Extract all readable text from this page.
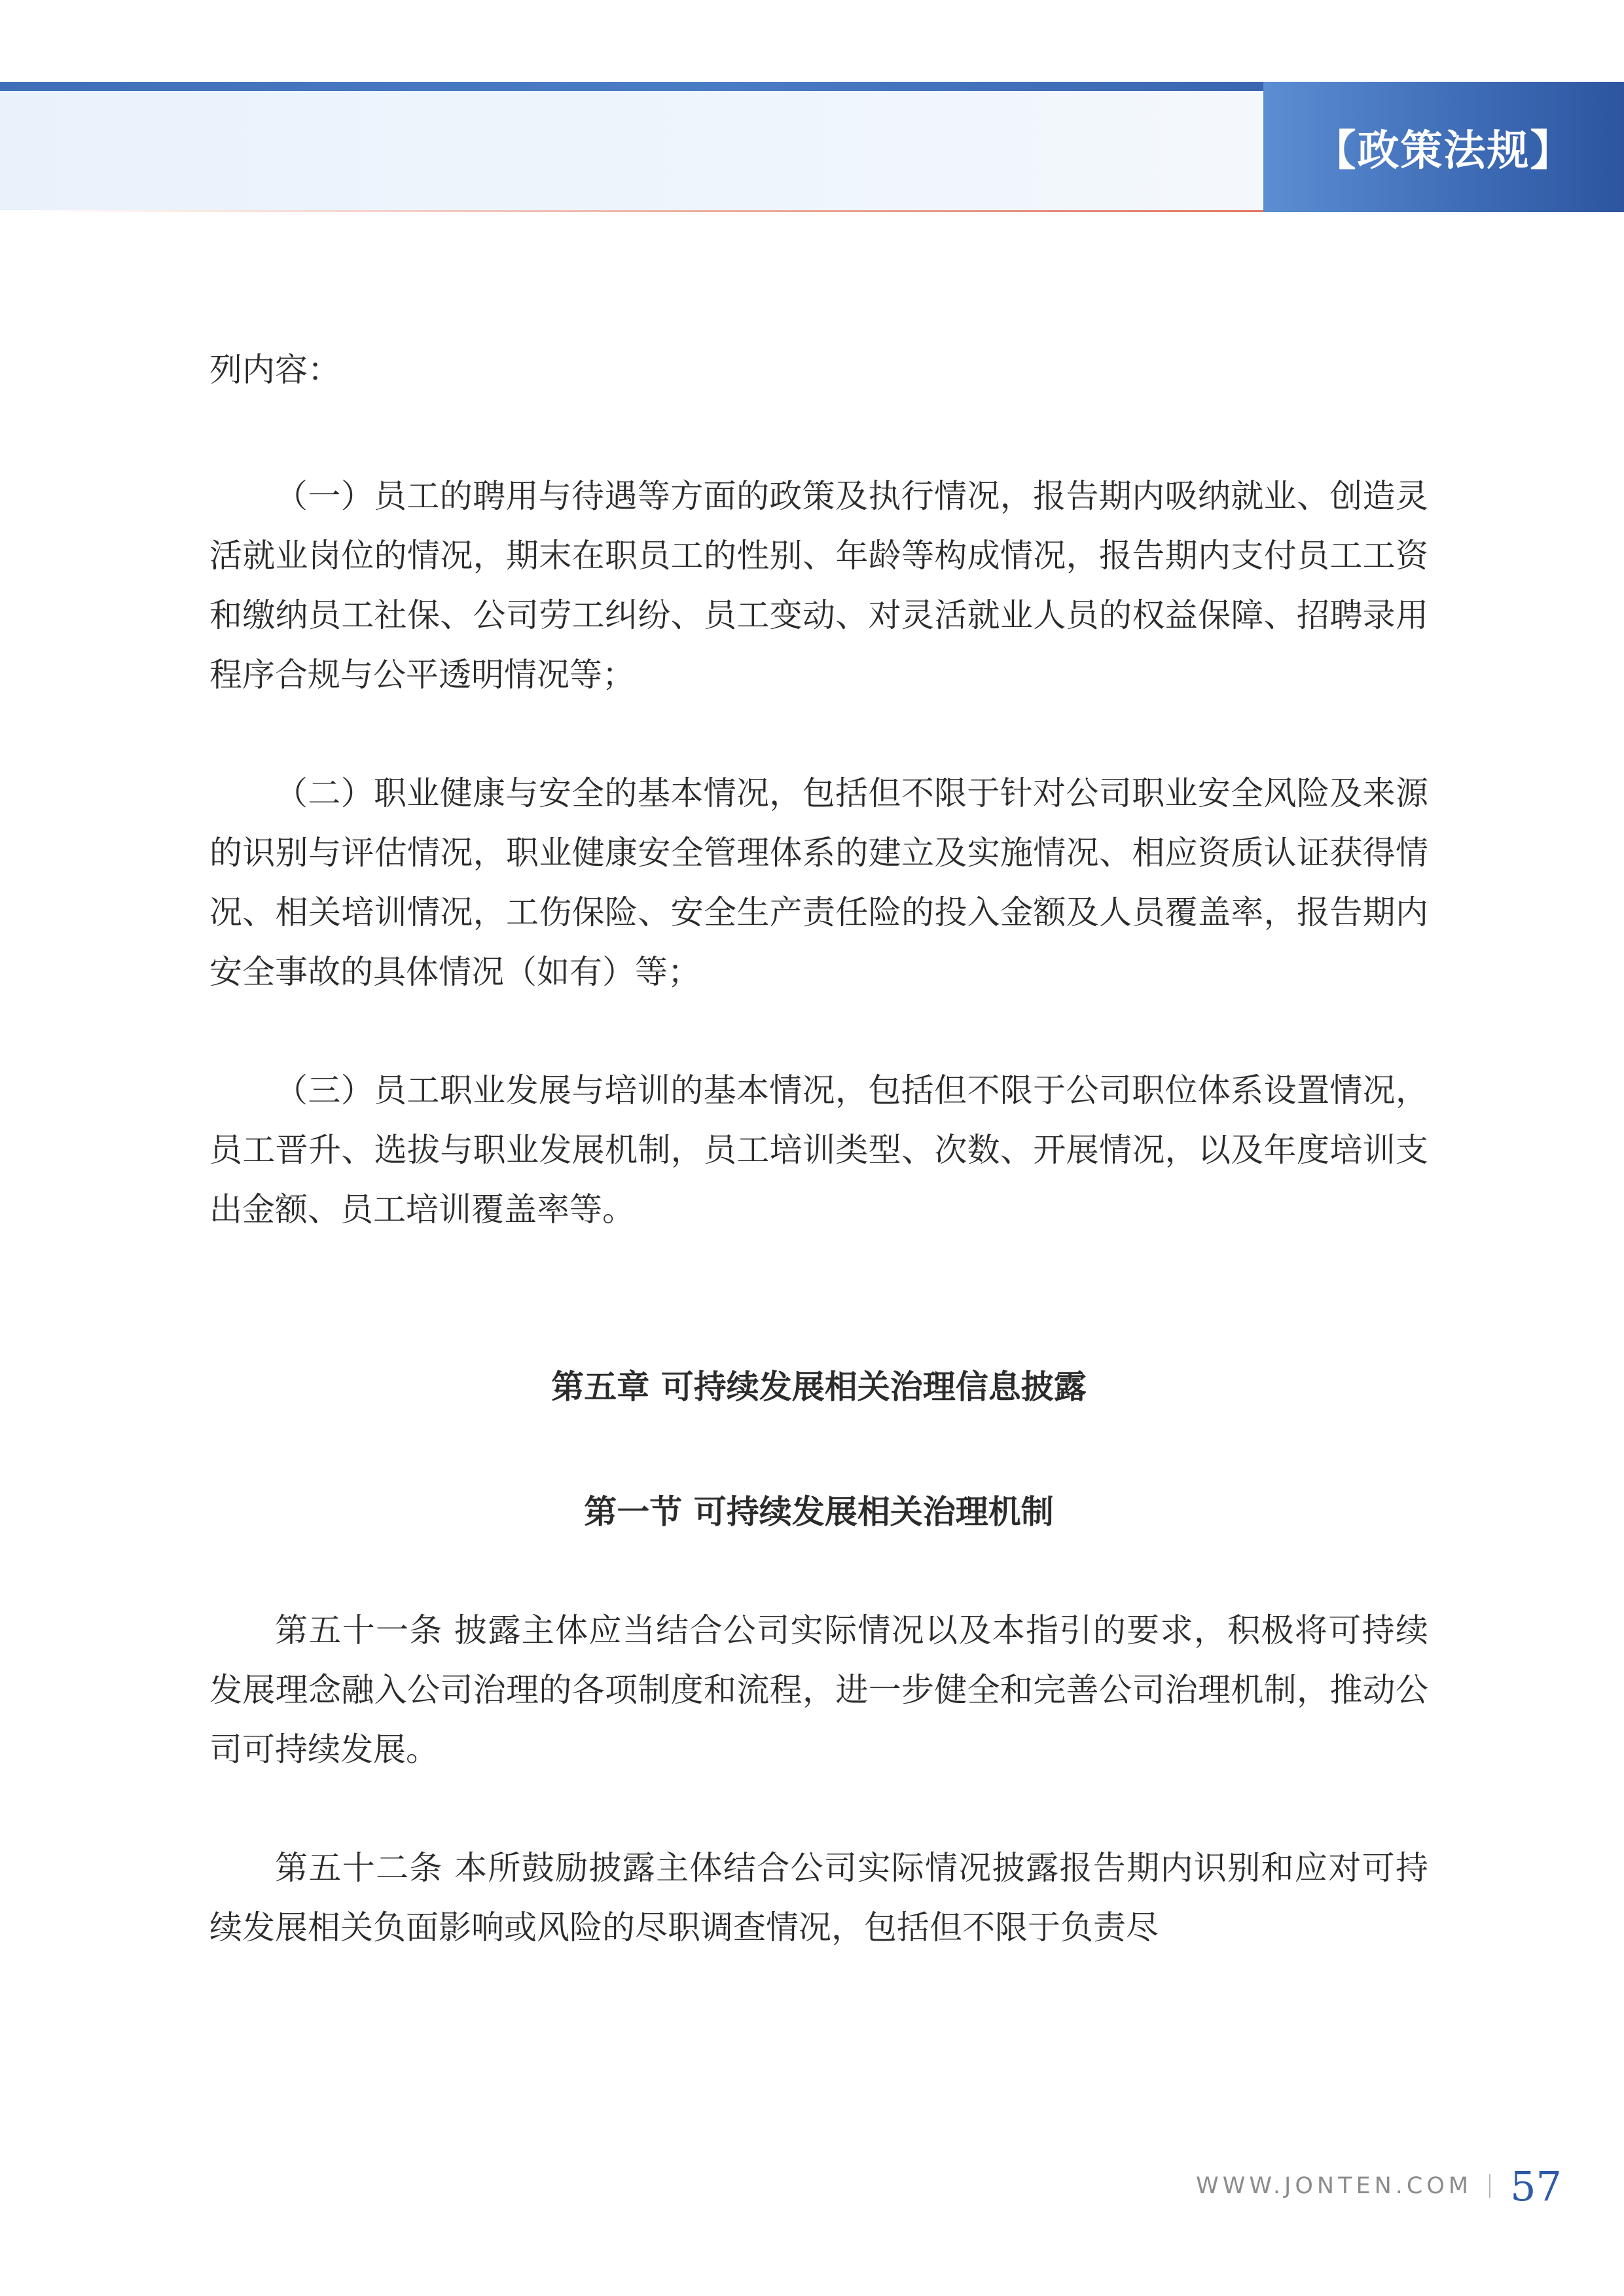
【政策法规】

列内容：

（一）员工的聘用与待遇等方面的政策及执行情况，报告期内吸纳就业、创造灵活就业岗位的情况，期末在职员工的性别、年龄等构成情况，报告期内支付员工工资和缴纳员工社保、公司劳工纠纷、员工变动、对灵活就业人员的权益保障、招聘录用程序合规与公平透明情况等；

（二）职业健康与安全的基本情况，包括但不限于针对公司职业安全风险及来源的识别与评估情况，职业健康安全管理体系的建立及实施情况、相应资质认证获得情况、相关培训情况，工伤保险、安全生产责任险的投入金额及人员覆盖率，报告期内安全事故的具体情况（如有）等；

（三）员工职业发展与培训的基本情况，包括但不限于公司职位体系设置情况，员工晋升、选拔与职业发展机制，员工培训类型、次数、开展情况，以及年度培训支出金额、员工培训覆盖率等。

第五章 可持续发展相关治理信息披露
第一节 可持续发展相关治理机制

第五十一条 披露主体应当结合公司实际情况以及本指引的要求，积极将可持续发展理念融入公司治理的各项制度和流程，进一步健全和完善公司治理机制，推动公司可持续发展。

第五十二条 本所鼓励披露主体结合公司实际情况披露报告期内识别和应对可持续发展相关负面影响或风险的尽职调查情况，包括但不限于负责尽

WWW.JONTEN.COM 57
